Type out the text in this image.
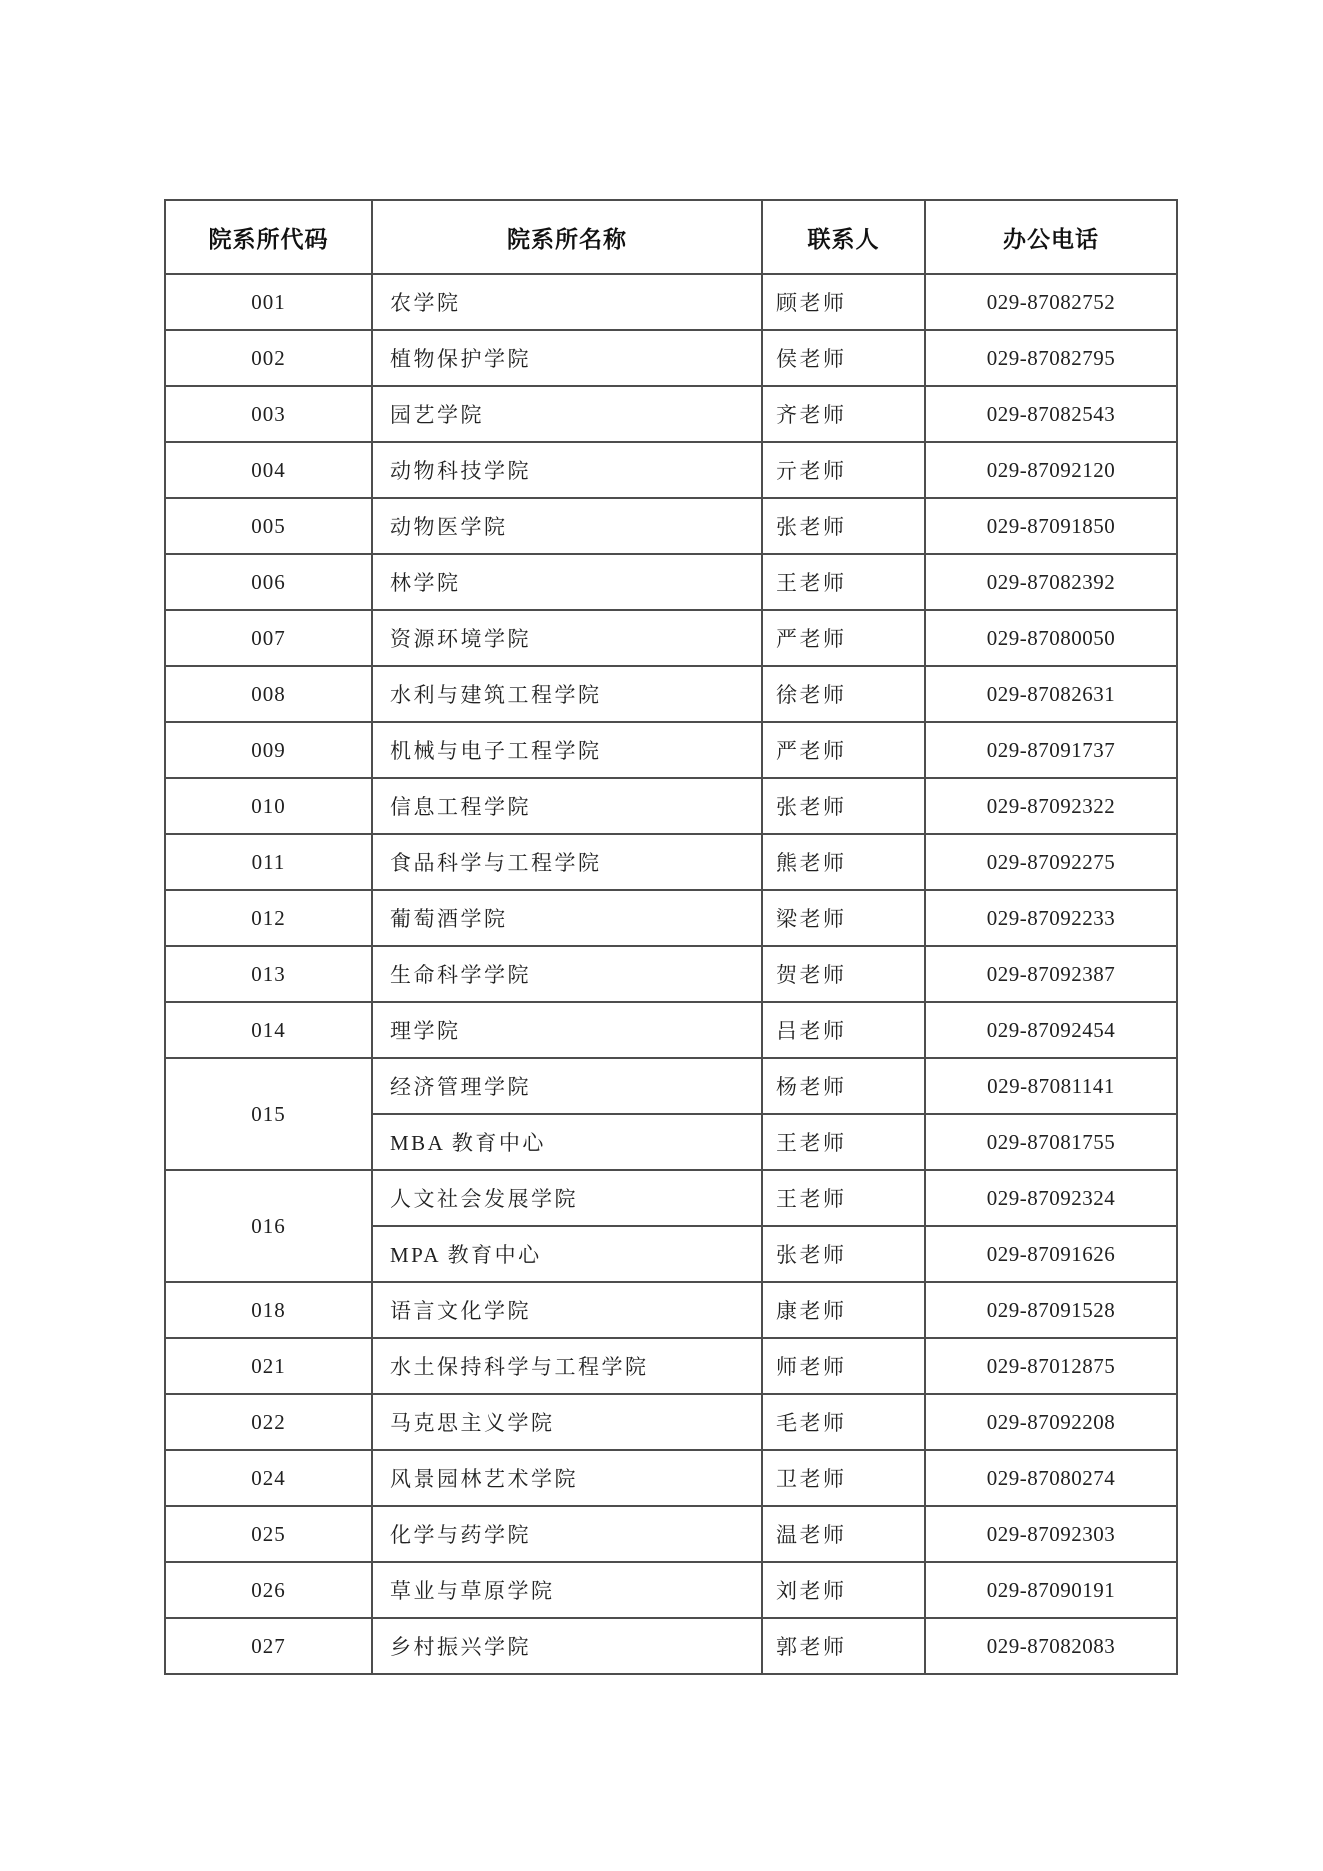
院系所代码	院系所名称	联系人	办公电话
001	农学院	顾老师	029-87082752
002	植物保护学院	侯老师	029-87082795
003	园艺学院	齐老师	029-87082543
004	动物科技学院	亓老师	029-87092120
005	动物医学院	张老师	029-87091850
006	林学院	王老师	029-87082392
007	资源环境学院	严老师	029-87080050
008	水利与建筑工程学院	徐老师	029-87082631
009	机械与电子工程学院	严老师	029-87091737
010	信息工程学院	张老师	029-87092322
011	食品科学与工程学院	熊老师	029-87092275
012	葡萄酒学院	梁老师	029-87092233
013	生命科学学院	贺老师	029-87092387
014	理学院	吕老师	029-87092454
015	经济管理学院	杨老师	029-87081141
	MBA 教育中心	王老师	029-87081755
016	人文社会发展学院	王老师	029-87092324
	MPA 教育中心	张老师	029-87091626
018	语言文化学院	康老师	029-87091528
021	水土保持科学与工程学院	师老师	029-87012875
022	马克思主义学院	毛老师	029-87092208
024	风景园林艺术学院	卫老师	029-87080274
025	化学与药学院	温老师	029-87092303
026	草业与草原学院	刘老师	029-87090191
027	乡村振兴学院	郭老师	029-87082083
